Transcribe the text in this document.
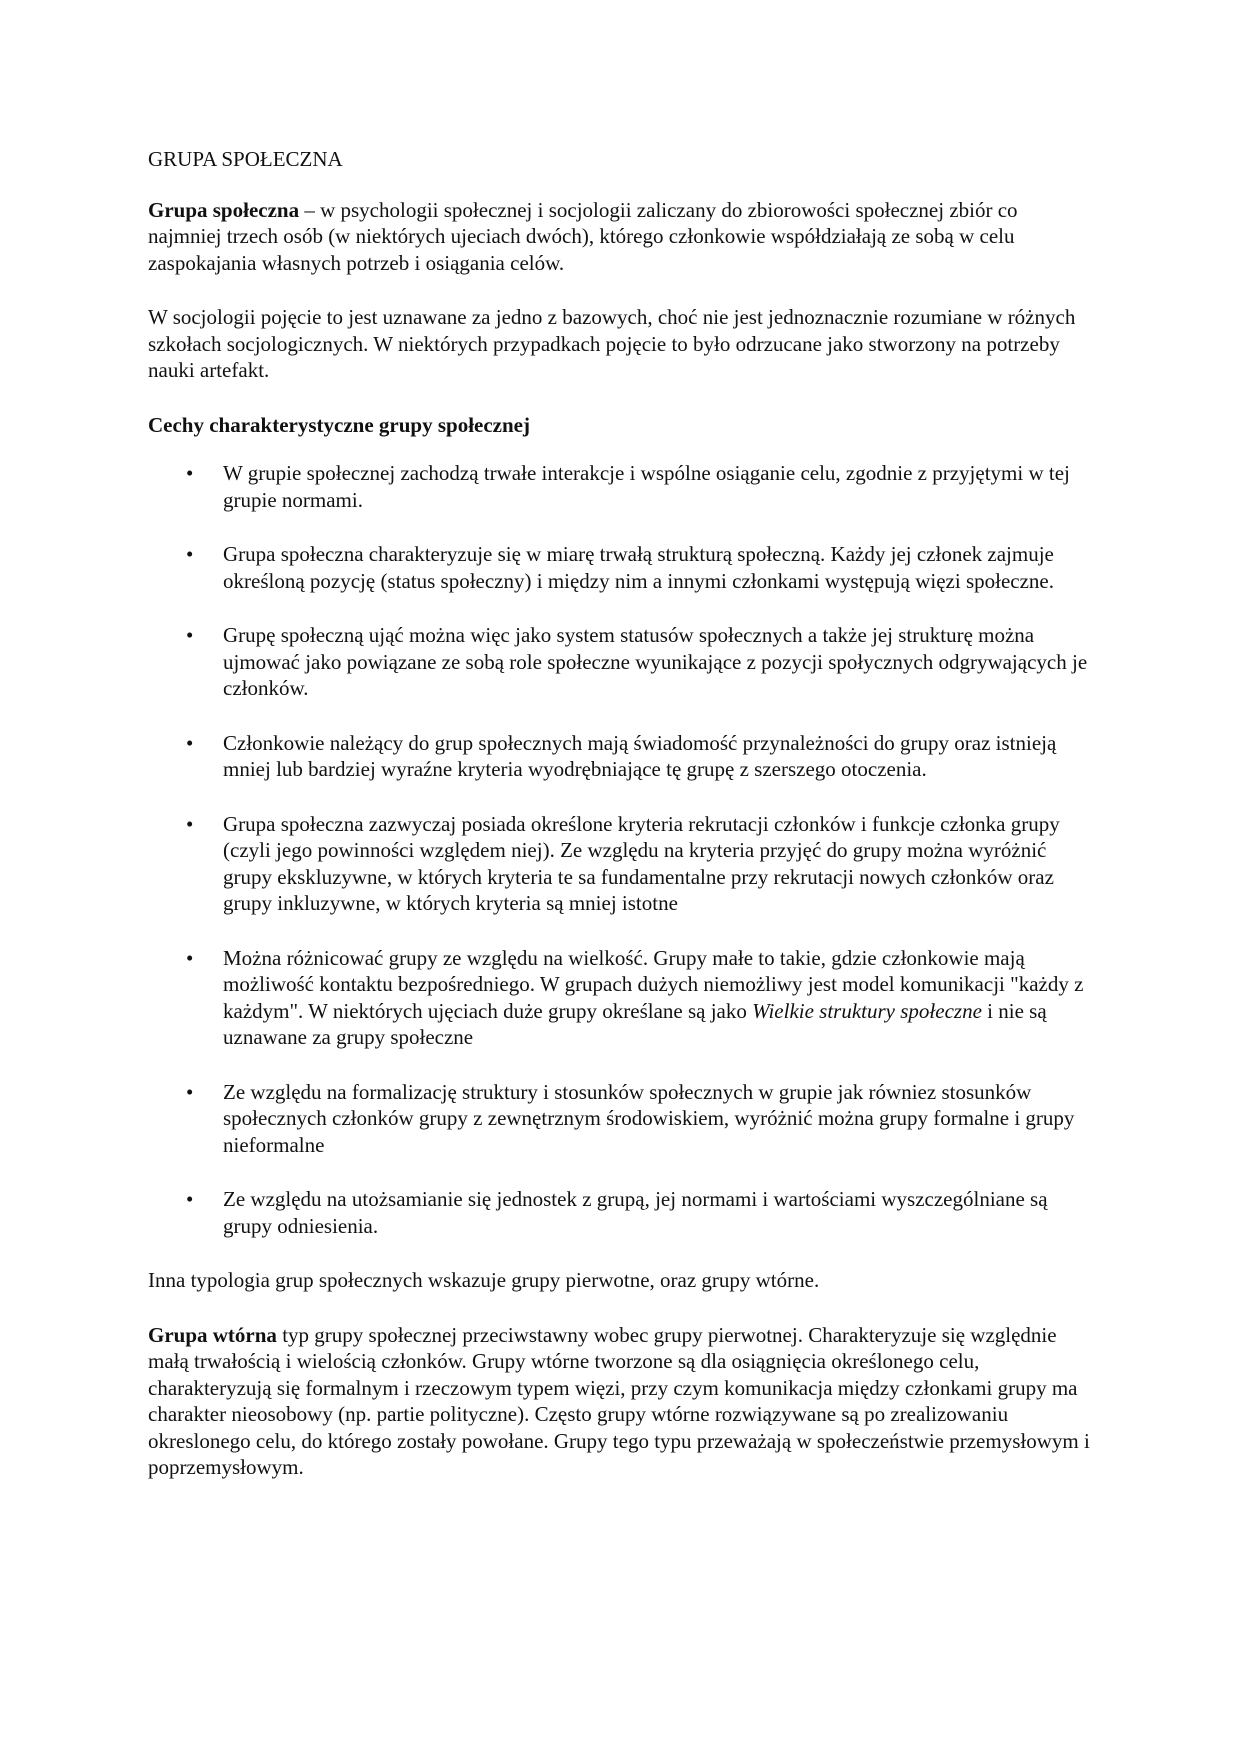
GRUPA SPOŁECZNA

Grupa społeczna – w psychologii społecznej i socjologii zaliczany do zbiorowości społecznej zbiór co najmniej trzech osób (w niektórych ujeciach dwóch), którego członkowie współdziałają ze sobą w celu zaspokajania własnych potrzeb i osiągania celów.

W socjologii pojęcie to jest uznawane za jedno z bazowych, choć nie jest jednoznacznie rozumiane w różnych szkołach socjologicznych. W niektórych przypadkach pojęcie to było odrzucane jako stworzony na potrzeby nauki artefakt.

Cechy charakterystyczne grupy społecznej
• W grupie społecznej zachodzą trwałe interakcje i wspólne osiąganie celu, zgodnie z przyjętymi w tej grupie normami.
• Grupa społeczna charakteryzuje się w miarę trwałą strukturą społeczną. Każdy jej członek zajmuje określoną pozycję (status społeczny) i między nim a innymi członkami występują więzi społeczne.
• Grupę społeczną ująć można więc jako system statusów społecznych a także jej strukturę można ujmować jako powiązane ze sobą role społeczne wyunikające z pozycji społycznych odgrywających je członków.
• Członkowie należący do grup społecznych mają świadomość przynależności do grupy oraz istnieją mniej lub bardziej wyraźne kryteria wyodrębniające tę grupę z szerszego otoczenia.
• Grupa społeczna zazwyczaj posiada określone kryteria rekrutacji członków i funkcje członka grupy (czyli jego powinności względem niej). Ze względu na kryteria przyjęć do grupy można wyróżnić grupy ekskluzywne, w których kryteria te sa fundamentalne przy rekrutacji nowych członków oraz grupy inkluzywne, w których kryteria są mniej istotne
• Można różnicować grupy ze względu na wielkość. Grupy małe to takie, gdzie członkowie mają możliwość kontaktu bezpośredniego. W grupach dużych niemożliwy jest model komunikacji "każdy z każdym". W niektórych ujęciach duże grupy określane są jako Wielkie struktury społeczne i nie są uznawane za grupy społeczne
• Ze względu na formalizację struktury i stosunków społecznych w grupie jak równiez stosunków społecznych członków grupy z zewnętrznym środowiskiem, wyróżnić można grupy formalne i grupy nieformalne
• Ze względu na utożsamianie się jednostek z grupą, jej normami i wartościami wyszczególniane są grupy odniesienia.

Inna typologia grup społecznych wskazuje grupy pierwotne, oraz grupy wtórne.

Grupa wtórna typ grupy społecznej przeciwstawny wobec grupy pierwotnej. Charakteryzuje się względnie małą trwałością i wielością członków. Grupy wtórne tworzone są dla osiągnięcia określonego celu, charakteryzują się formalnym i rzeczowym typem więzi, przy czym komunikacja między członkami grupy ma charakter nieosobowy (np. partie polityczne). Często grupy wtórne rozwiązywane są po zrealizowaniu okreslonego celu, do którego zostały powołane. Grupy tego typu przeważają w społeczeństwie przemysłowym i poprzemysłowym.
